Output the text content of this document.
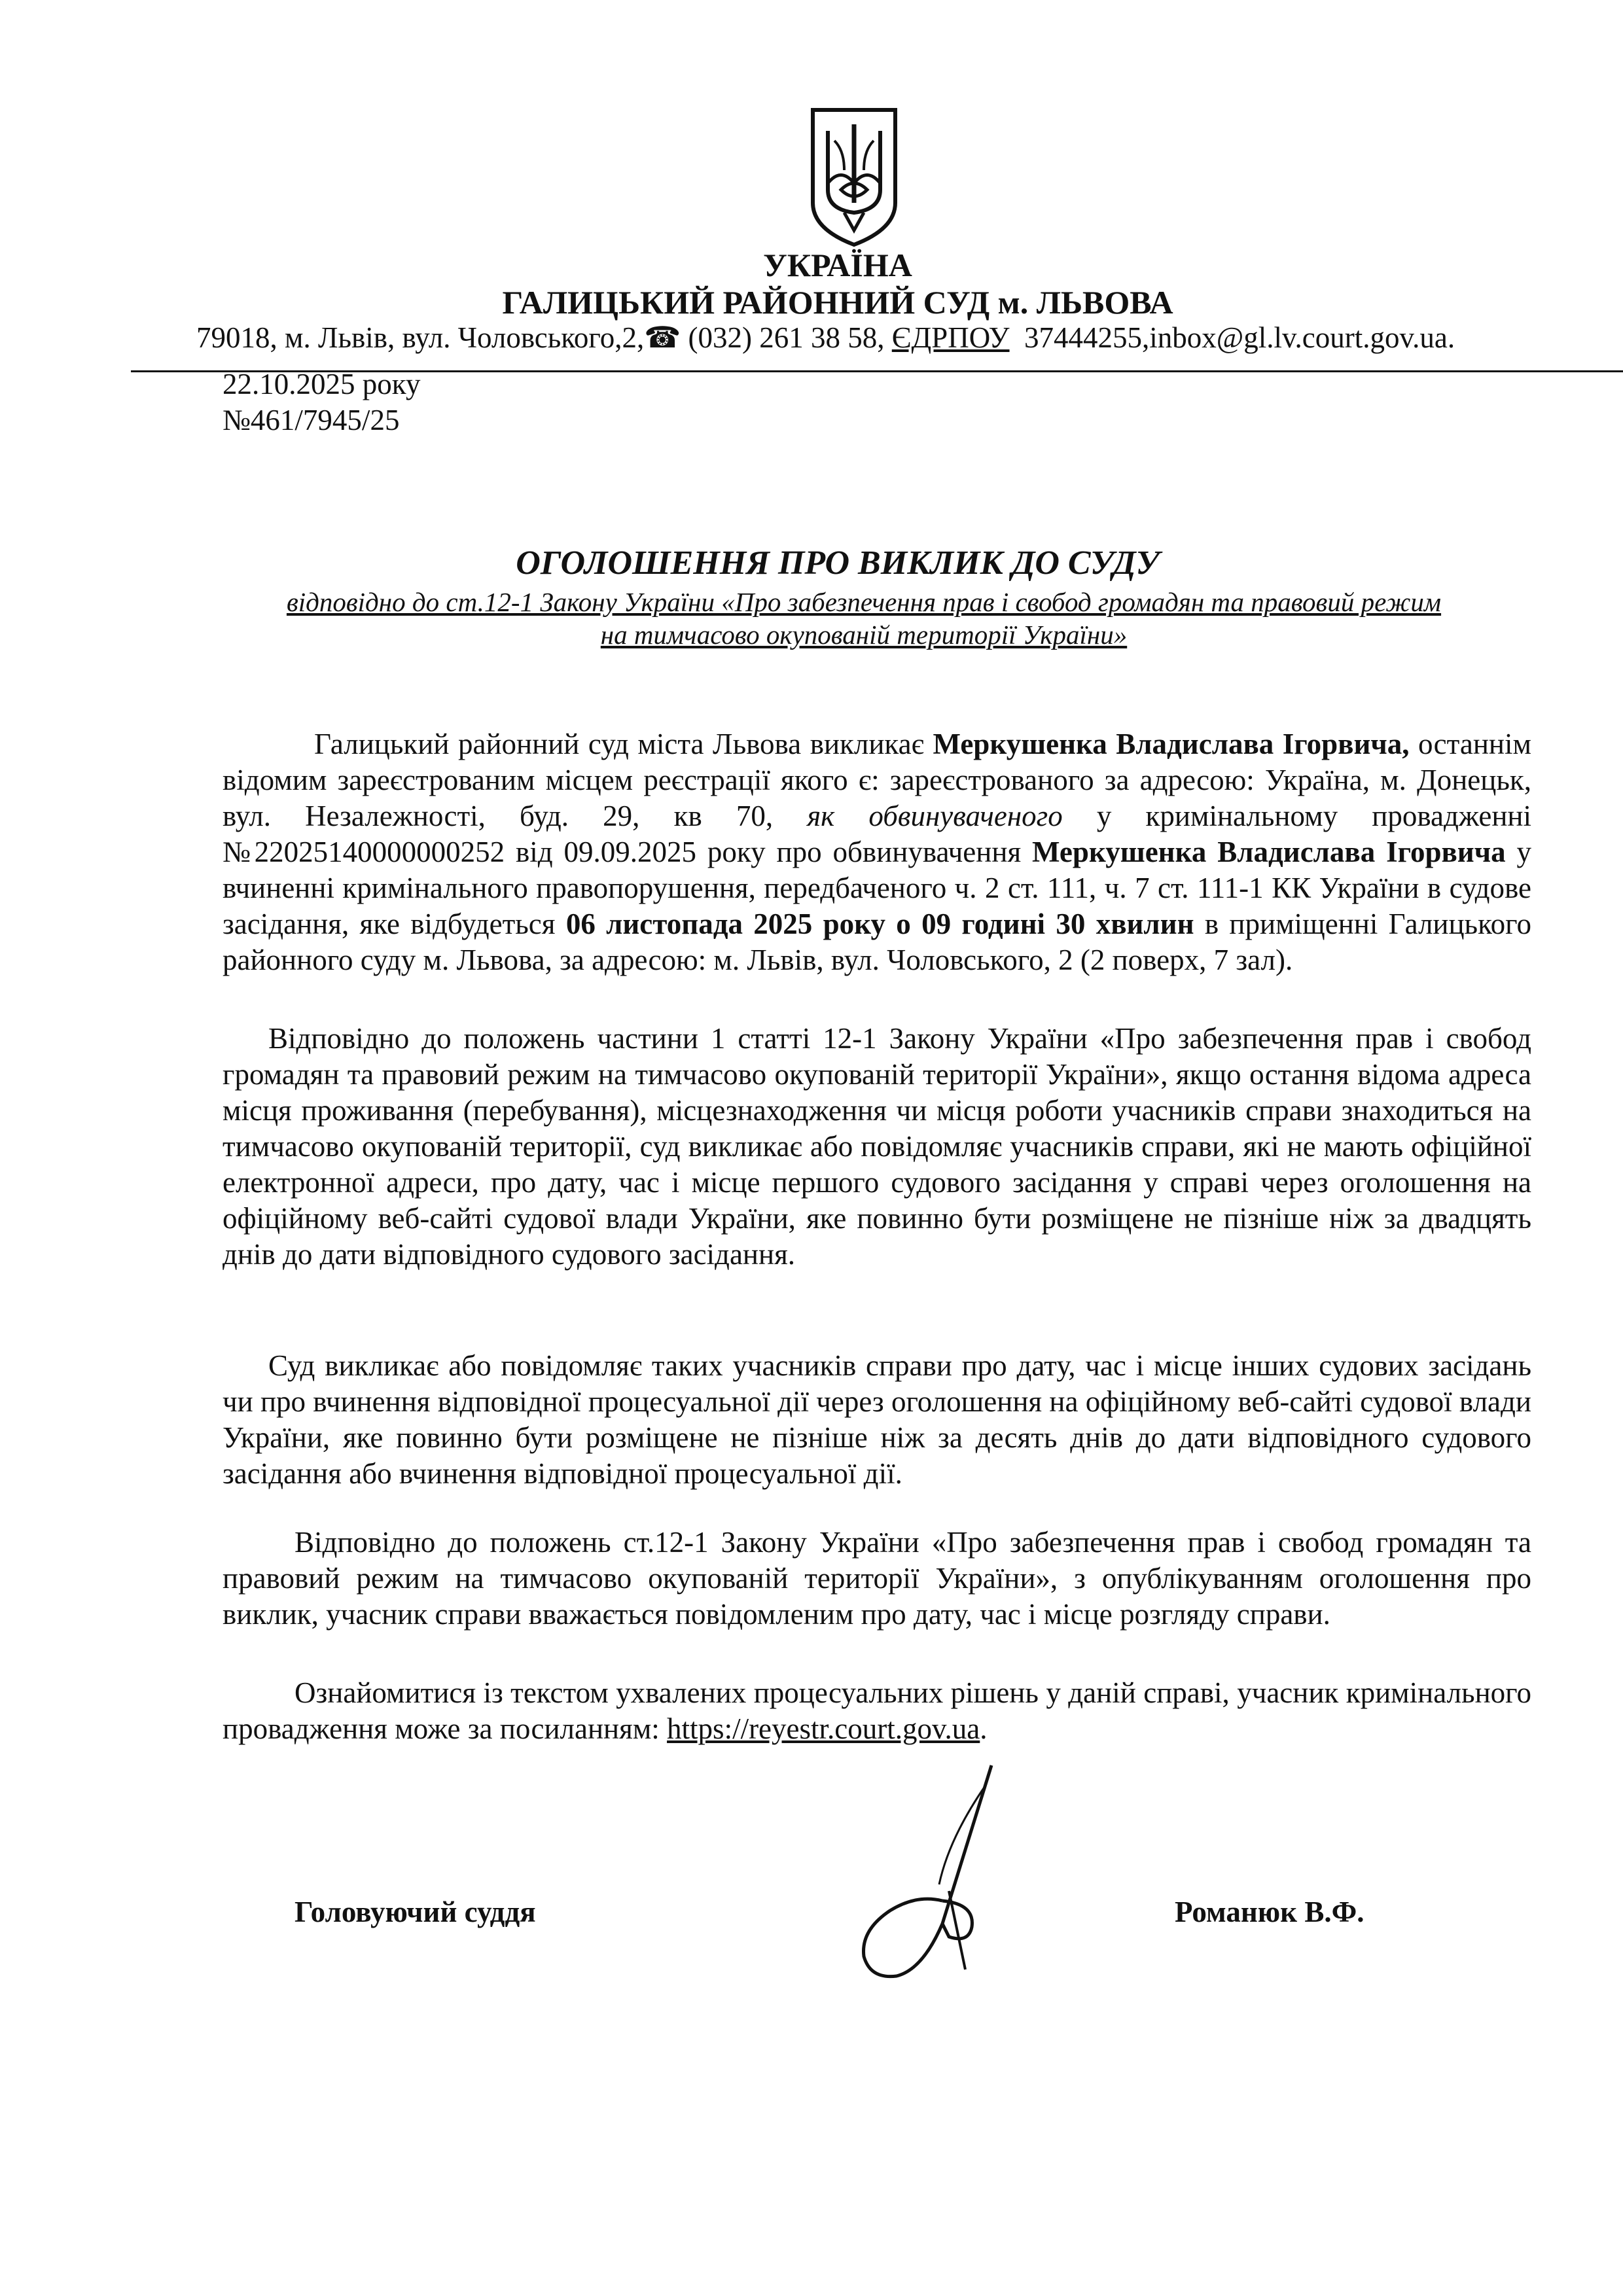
УКРАЇНА
ГАЛИЦЬКИЙ РАЙОННИЙ СУД м. ЛЬВОВА
79018, м. Львів, вул. Чоловського,2,☎ (032) 261 38 58, ЄДРПОУ 37444255,inbox@gl.lv.court.gov.ua.
22.10.2025 року
№461/7945/25
ОГОЛОШЕННЯ ПРО ВИКЛИК ДО СУДУ
відповідно до ст.12-1 Закону України «Про забезпечення прав і свобод громадян та правовий режим
на тимчасово окупованій території України»

Галицький районний суд міста Львова викликає Меркушенка Владислава Ігорвича, останнім відомим зареєстрованим місцем реєстрації якого є: зареєстрованого за адресою: Україна, м. Донецьк, вул. Незалежності, буд. 29, кв 70, як обвинуваченого у кримінальному провадженні №22025140000000252 від 09.09.2025 року про обвинувачення Меркушенка Владислава Ігорвича у вчиненні кримінального правопорушення, передбаченого ч. 2 ст. 111, ч. 7 ст. 111-1 КК України в судове засідання, яке відбудеться 06 листопада 2025 року о 09 годині 30 хвилин в приміщенні Галицького районного суду м. Львова, за адресою: м. Львів, вул. Чоловського, 2 (2 поверх, 7 зал).

Відповідно до положень частини 1 статті 12-1 Закону України «Про забезпечення прав і свобод громадян та правовий режим на тимчасово окупованій території України», якщо остання відома адреса місця проживання (перебування), місцезнаходження чи місця роботи учасників справи знаходиться на тимчасово окупованій території, суд викликає або повідомляє учасників справи, які не мають офіційної електронної адреси, про дату, час і місце першого судового засідання у справі через оголошення на офіційному веб-сайті судової влади України, яке повинно бути розміщене не пізніше ніж за двадцять днів до дати відповідного судового засідання.

Суд викликає або повідомляє таких учасників справи про дату, час і місце інших судових засідань чи про вчинення відповідної процесуальної дії через оголошення на офіційному веб-сайті судової влади України, яке повинно бути розміщене не пізніше ніж за десять днів до дати відповідного судового засідання або вчинення відповідної процесуальної дії.

Відповідно до положень ст.12-1 Закону України «Про забезпечення прав і свобод громадян та правовий режим на тимчасово окупованій території України», з опублікуванням оголошення про виклик, учасник справи вважається повідомленим про дату, час і місце розгляду справи.

Ознайомитися із текстом ухвалених процесуальних рішень у даній справі, учасник кримінального провадження може за посиланням: https://reyestr.court.gov.ua.

Головуючий суддя	Романюк В.Ф.
